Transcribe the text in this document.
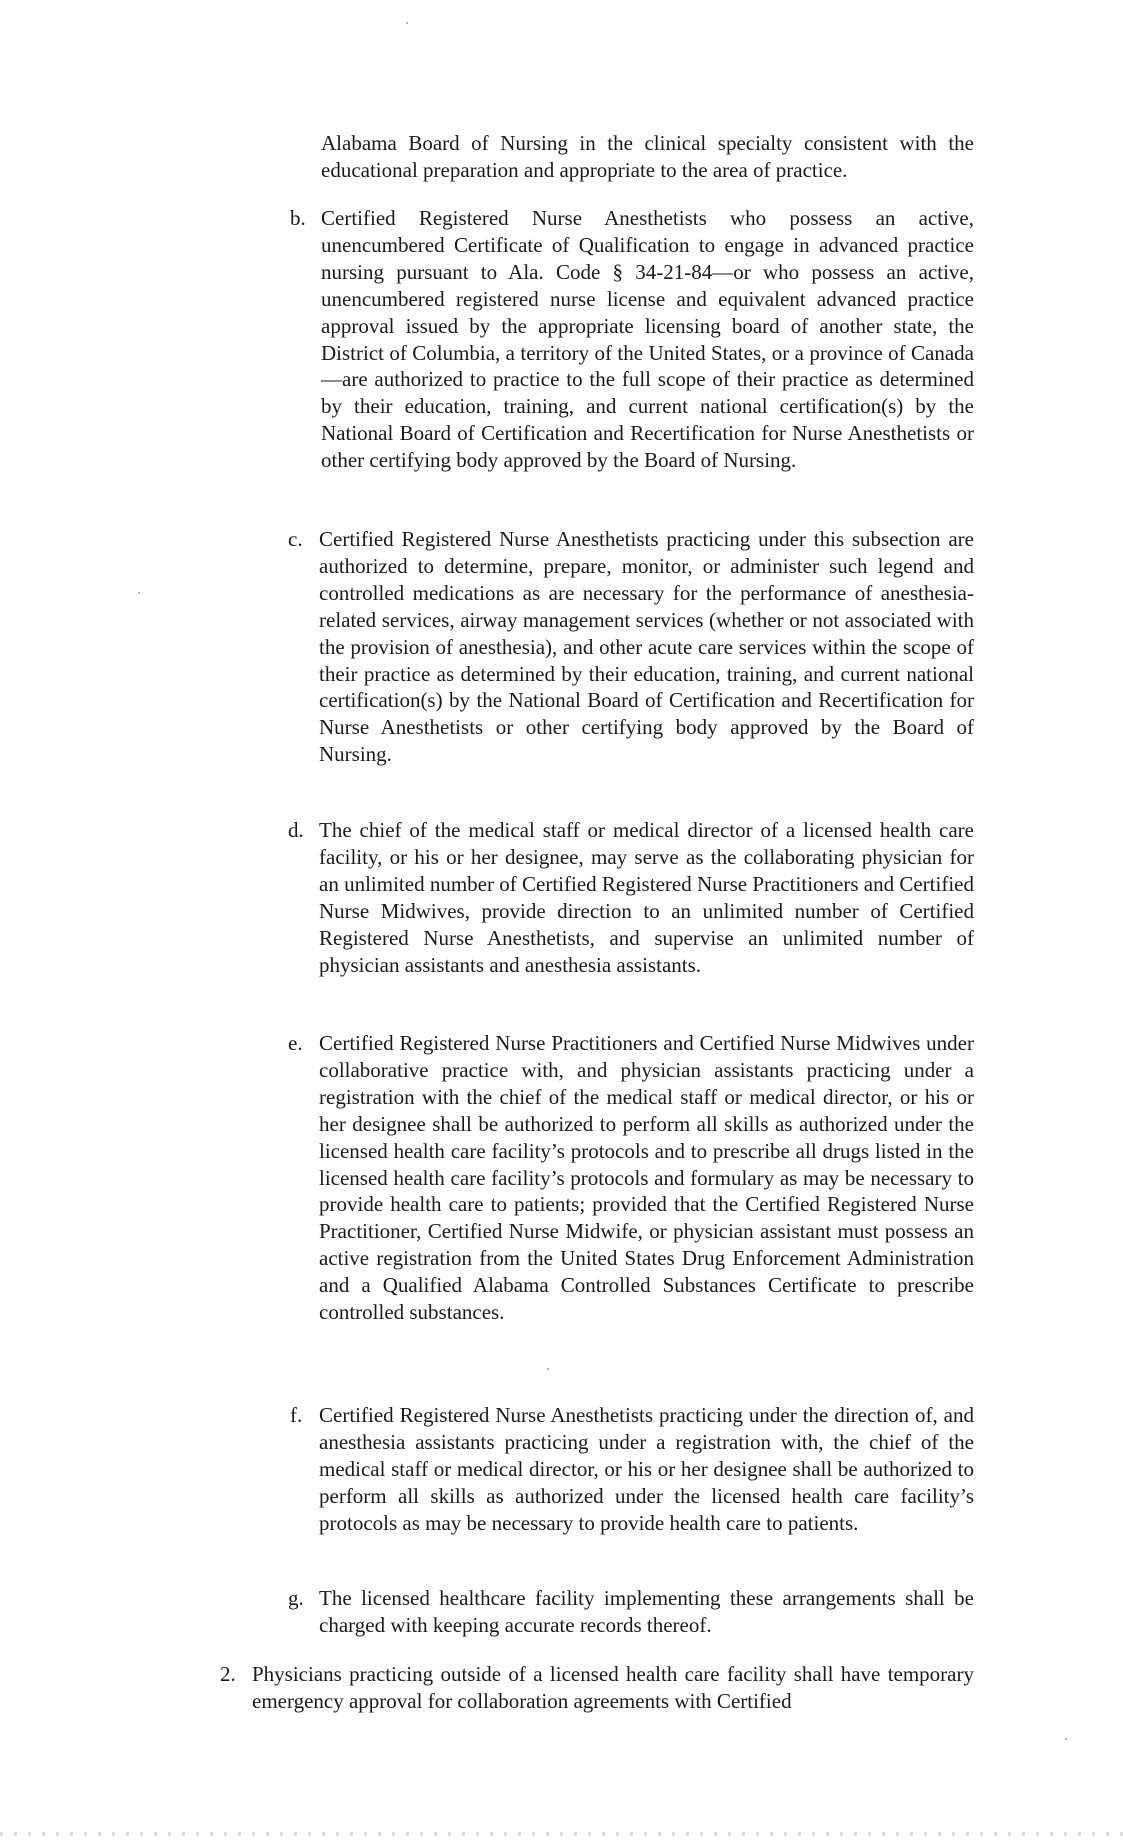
Alabama Board of Nursing in the clinical specialty consistent with the educational preparation and appropriate to the area of practice.

b. Certified Registered Nurse Anesthetists who possess an active, unencumbered Certificate of Qualification to engage in advanced practice nursing pursuant to Ala. Code § 34-21-84—or who possess an active, unencumbered registered nurse license and equivalent advanced practice approval issued by the appropriate licensing board of another state, the District of Columbia, a territory of the United States, or a province of Canada—are authorized to practice to the full scope of their practice as determined by their education, training, and current national certification(s) by the National Board of Certification and Recertification for Nurse Anesthetists or other certifying body approved by the Board of Nursing.

c. Certified Registered Nurse Anesthetists practicing under this subsection are authorized to determine, prepare, monitor, or administer such legend and controlled medications as are necessary for the performance of anesthesia-related services, airway management services (whether or not associated with the provision of anesthesia), and other acute care services within the scope of their practice as determined by their education, training, and current national certification(s) by the National Board of Certification and Recertification for Nurse Anesthetists or other certifying body approved by the Board of Nursing.

d. The chief of the medical staff or medical director of a licensed health care facility, or his or her designee, may serve as the collaborating physician for an unlimited number of Certified Registered Nurse Practitioners and Certified Nurse Midwives, provide direction to an unlimited number of Certified Registered Nurse Anesthetists, and supervise an unlimited number of physician assistants and anesthesia assistants.

e. Certified Registered Nurse Practitioners and Certified Nurse Midwives under collaborative practice with, and physician assistants practicing under a registration with the chief of the medical staff or medical director, or his or her designee shall be authorized to perform all skills as authorized under the licensed health care facility’s protocols and to prescribe all drugs listed in the licensed health care facility’s protocols and formulary as may be necessary to provide health care to patients; provided that the Certified Registered Nurse Practitioner, Certified Nurse Midwife, or physician assistant must possess an active registration from the United States Drug Enforcement Administration and a Qualified Alabama Controlled Substances Certificate to prescribe controlled substances.

f. Certified Registered Nurse Anesthetists practicing under the direction of, and anesthesia assistants practicing under a registration with, the chief of the medical staff or medical director, or his or her designee shall be authorized to perform all skills as authorized under the licensed health care facility’s protocols as may be necessary to provide health care to patients.

g. The licensed healthcare facility implementing these arrangements shall be charged with keeping accurate records thereof.

2. Physicians practicing outside of a licensed health care facility shall have temporary emergency approval for collaboration agreements with Certified
